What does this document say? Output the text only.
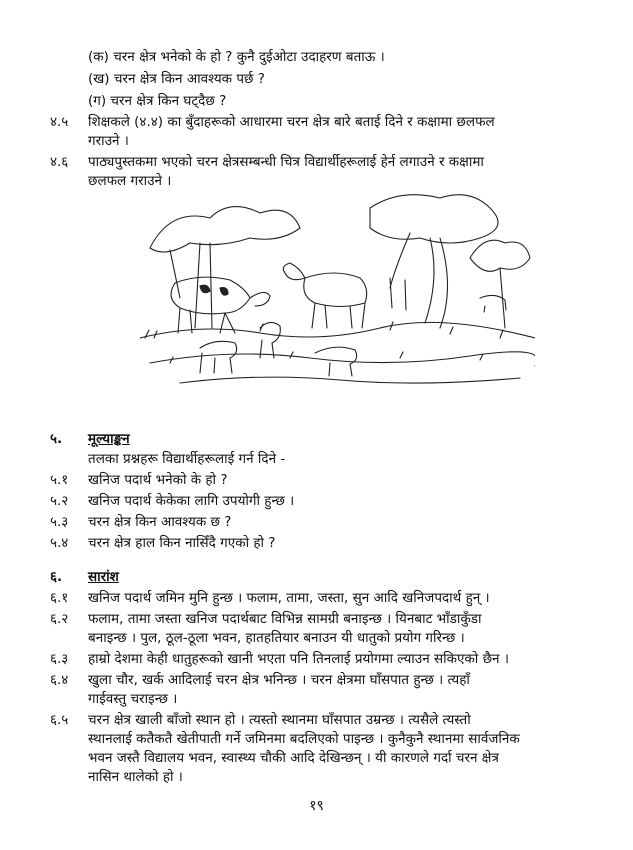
(क) चरन क्षेत्र भनेको के हो ? कुनै दुईओटा उदाहरण बताऊ ।
(ख) चरन क्षेत्र किन आवश्यक पर्छ ?
(ग) चरन क्षेत्र किन घट्दैछ ?
४.५ शिक्षकले (४.४) का बुँदाहरूको आधारमा चरन क्षेत्र बारे बताई दिने र कक्षामा छलफल
गराउने ।
४.६ पाठ्यपुस्तकमा भएको चरन क्षेत्रसम्बन्धी चित्र विद्यार्थीहरूलाई हेर्न लगाउने र कक्षामा
छलफल गराउने ।
५. मूल्याङ्कन
तलका प्रश्नहरू विद्यार्थीहरूलाई गर्न दिने -
५.१ खनिज पदार्थ भनेको के हो ?
५.२ खनिज पदार्थ केकेका लागि उपयोगी हुन्छ ।
५.३ चरन क्षेत्र किन आवश्यक छ ?
५.४ चरन क्षेत्र हाल किन नासिँदै गएको हो ?
६. सारांश
६.१ खनिज पदार्थ जमिन मुनि हुन्छ । फलाम, तामा, जस्ता, सुन आदि खनिजपदार्थ हुन् ।
६.२ फलाम, तामा जस्ता खनिज पदार्थबाट विभिन्न सामग्री बनाइन्छ । यिनबाट भाँडाकुँडा
बनाइन्छ । पुल, ठूल-ठूला भवन, हातहतियार बनाउन यी धातुको प्रयोग गरिन्छ ।
६.३ हाम्रो देशमा केही धातुहरूको खानी भएता पनि तिनलाई प्रयोगमा ल्याउन सकिएको छैन ।
६.४ खुला चौर, खर्क आदिलाई चरन क्षेत्र भनिन्छ । चरन क्षेत्रमा घाँसपात हुन्छ । त्यहाँ
गाईवस्तु चराइन्छ ।
६.५ चरन क्षेत्र खाली बाँजो स्थान हो । त्यस्तो स्थानमा घाँसपात उम्रन्छ । त्यसैले त्यस्तो
स्थानलाई कतैकतै खेतीपाती गर्ने जमिनमा बदलिएको पाइन्छ । कुनैकुनै स्थानमा सार्वजनिक
भवन जस्तै विद्यालय भवन, स्वास्थ्य चौकी आदि देखिन्छन् । यी कारणले गर्दा चरन क्षेत्र
नासिन थालेको हो ।
१९
